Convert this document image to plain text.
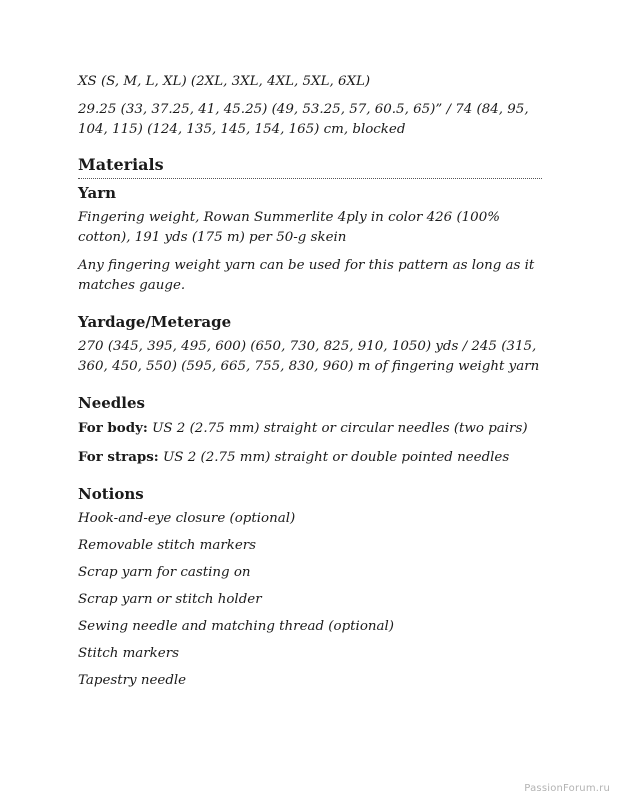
XS (S, M, L, XL) (2XL, 3XL, 4XL, 5XL, 6XL)

29.25 (33, 37.25, 41, 45.25) (49, 53.25, 57, 60.5, 65)” / 74 (84, 95, 104, 115) (124, 135, 145, 154, 165) cm, blocked

Materials
Yarn

Fingering weight, Rowan Summerlite 4ply in color 426 (100% cotton), 191 yds (175 m) per 50-g skein

Any fingering weight yarn can be used for this pattern as long as it matches gauge.

Yardage/Meterage

270 (345, 395, 495, 600) (650, 730, 825, 910, 1050) yds / 245 (315, 360, 450, 550) (595, 665, 755, 830, 960) m of fingering weight yarn

Needles

For body: US 2 (2.75 mm) straight or circular needles (two pairs)

For straps: US 2 (2.75 mm) straight or double pointed needles

Notions

Hook-and-eye closure (optional)

Removable stitch markers

Scrap yarn for casting on

Scrap yarn or stitch holder

Sewing needle and matching thread (optional)

Stitch markers

Tapestry needle

PassionForum.ru
